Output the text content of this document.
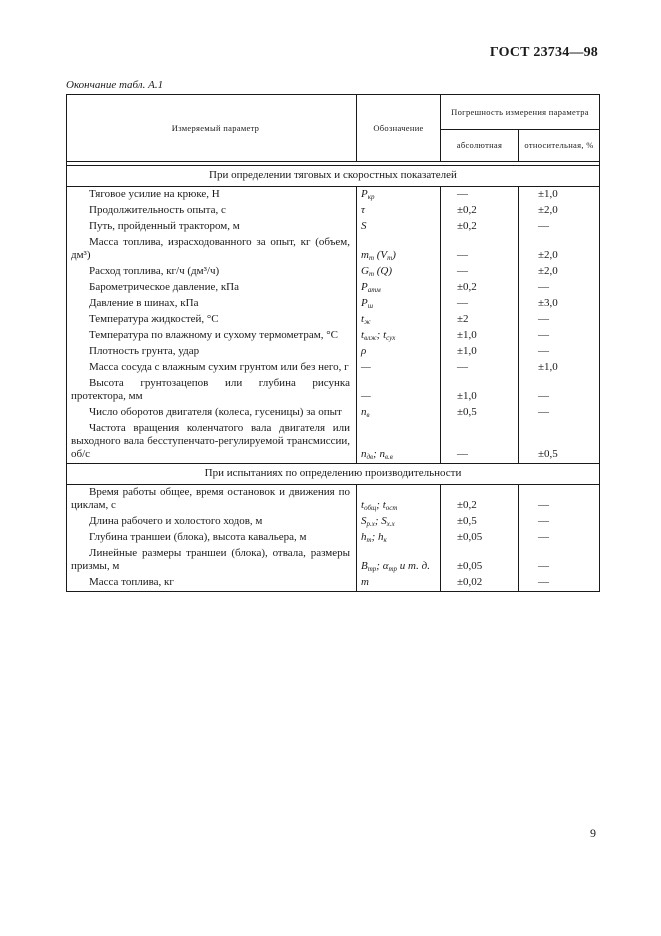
ГОСТ 23734—98
Окончание табл. А.1
Измеряемый параметр	Обозначение	Погрешность измерения параметра	
		абсолютная	относительная, %

При определении тяговых и скоростных показателей			
Тяговое усилие на крюке, Н	$P_{кр}$	—	±1,0
Продолжительность опыта, с	τ	±0,2	±2,0
Путь, пройденный трактором, м	S	±0,2	—
Масса топлива, израсходованного за опыт, кг (объем, дм³)	$m_т$ $(V_т)$	—	±2,0
Расход топлива, кг/ч (дм³/ч)	$G_т$ (Q)	—	±2,0
Барометрическое давление, кПа	$P_{атм}$	±0,2	—
Давление в шинах, кПа	$P_ш$	—	±3,0
Температура жидкостей, °С	$t_ж$	±2	—
Температура по влажному и сухому термометрам, °С	$t_{влж}$; $t_{сух}$	±1,0	—
Плотность грунта, удар	ρ	±1,0	—
Масса сосуда с влажным сухим грунтом или без него, г	—	—	±1,0
Высота грунтозацепов или глубина рисунка протектора, мм	—	±1,0	—
Число оборотов двигателя (колеса, гусеницы) за опыт	$n_в$	±0,5	—
Частота вращения коленчатого вала двигателя или выходного вала бесступенчато-регулируемой трансмиссии, об/с	$n_{дв}$; $n_{в.в}$	—	±0,5
При испытаниях по определению производительности			
Время работы общее, время остановок и движения по циклам, с	$t_{общ}$; $t_{ост}$	±0,2	—
Длина рабочего и холостого ходов, м	$S_{р.х}$; $S_{х.х}$	±0,5	—
Глубина траншеи (блока), высота кавальера, м	$h_т$; $h_к$	±0,05	—
Линейные размеры траншеи (блока), отвала, размеры призмы, м	$B_{тр}$; $\alpha_{тр}$ и т. д.	±0,05	—
Масса топлива, кг	m	±0,02	—
9
